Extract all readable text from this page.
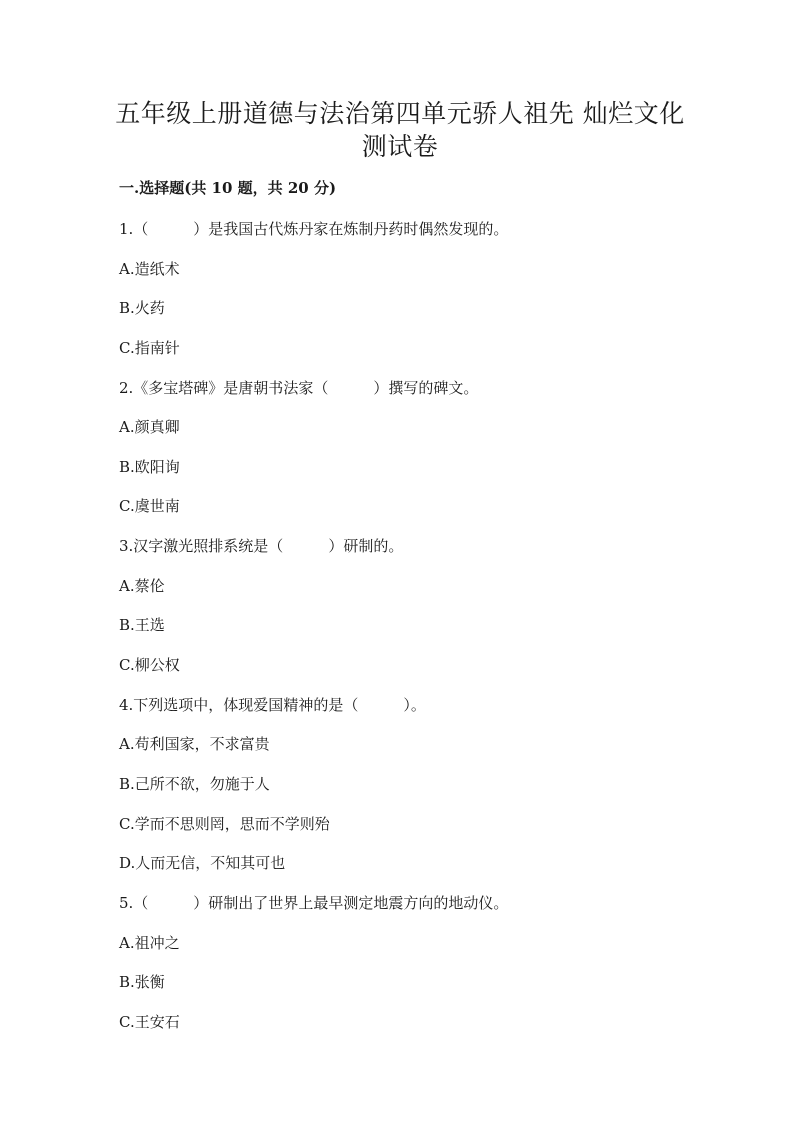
五年级上册道德与法治第四单元骄人祖先 灿烂文化
测试卷
一.选择题(共 10 题，共 20 分)
1.（　　　）是我国古代炼丹家在炼制丹药时偶然发现的。
A.造纸术
B.火药
C.指南针
2.《多宝塔碑》是唐朝书法家（　　　）撰写的碑文。
A.颜真卿
B.欧阳询
C.虞世南
3.汉字激光照排系统是（　　　）研制的。
A.蔡伦
B.王选
C.柳公权
4.下列选项中，体现爱国精神的是（　　　）。
A.苟利国家，不求富贵
B.己所不欲，勿施于人
C.学而不思则罔，思而不学则殆
D.人而无信，不知其可也
5.（　　　）研制出了世界上最早测定地震方向的地动仪。
A.祖冲之
B.张衡
C.王安石
